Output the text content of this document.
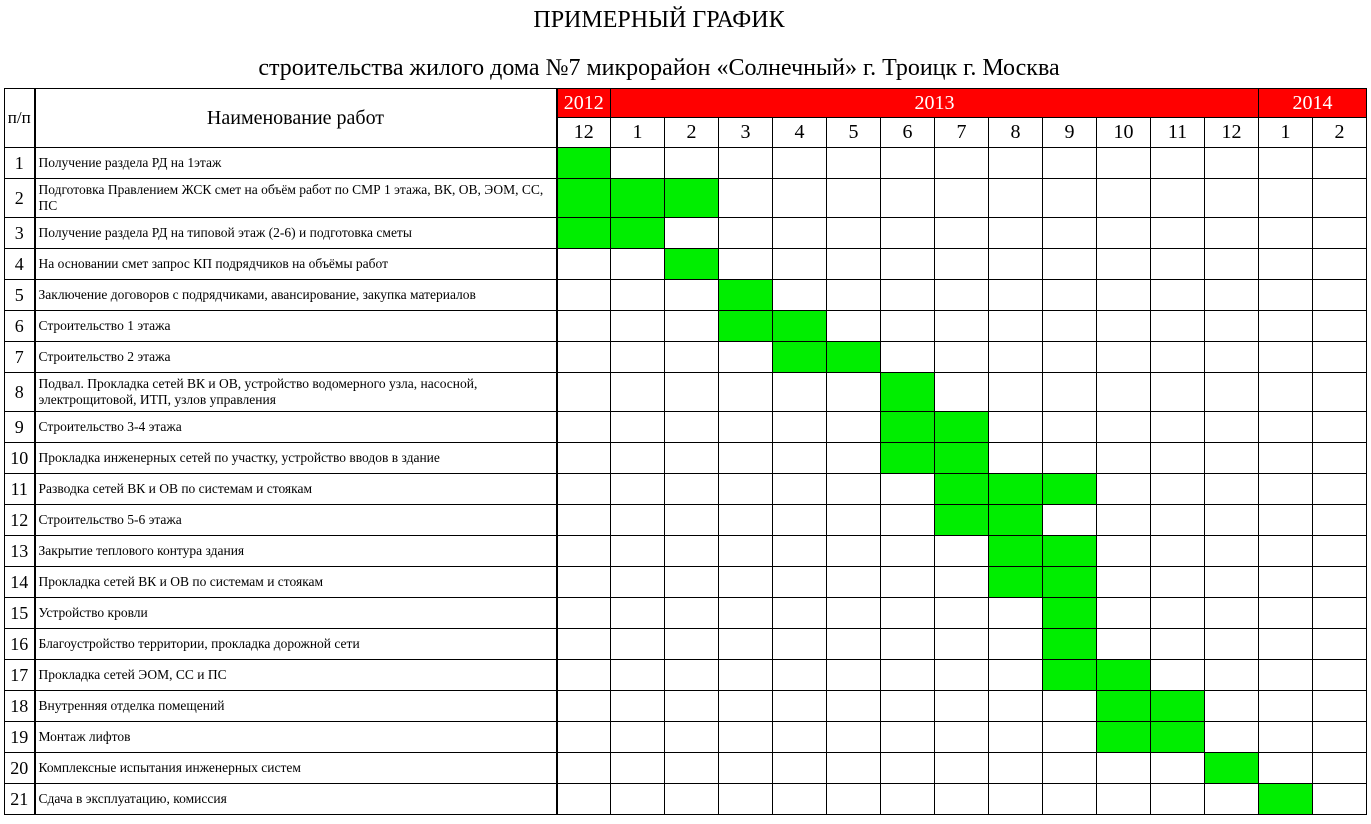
ПРИМЕРНЫЙ ГРАФИК
строительства жилого дома №7 микрорайон «Солнечный» г. Троицк г. Москва
п/п	Наименование работ	2012	2013												2014	
		12	1	2	3	4	5	6	7	8	9	10	11	12	1	2
1	Получение раздела РД на 1этаж															
2	Подготовка Правлением ЖСК смет на объём работ по СМР 1 этажа, ВК, ОВ, ЭОМ, СС, ПС															
3	Получение раздела РД на типовой этаж (2-6) и подготовка сметы															
4	На основании смет запрос КП подрядчиков на объёмы работ															
5	Заключение договоров с подрядчиками, авансирование, закупка материалов															
6	Строительство 1 этажа															
7	Строительство 2 этажа															
8	Подвал. Прокладка сетей ВК и ОВ, устройство водомерного узла, насосной, электрощитовой, ИТП, узлов управления															
9	Строительство 3-4 этажа															
10	Прокладка инженерных сетей по участку, устройство вводов в здание															
11	Разводка сетей ВК и ОВ по системам и стоякам															
12	Строительство 5-6 этажа															
13	Закрытие теплового контура здания															
14	Прокладка сетей ВК и ОВ по системам и стоякам															
15	Устройство кровли															
16	Благоустройство территории, прокладка дорожной сети															
17	Прокладка сетей ЭОМ, СС и ПС															
18	Внутренняя отделка помещений															
19	Монтаж лифтов															
20	Комплексные испытания инженерных систем															
21	Сдача в эксплуатацию, комиссия															
